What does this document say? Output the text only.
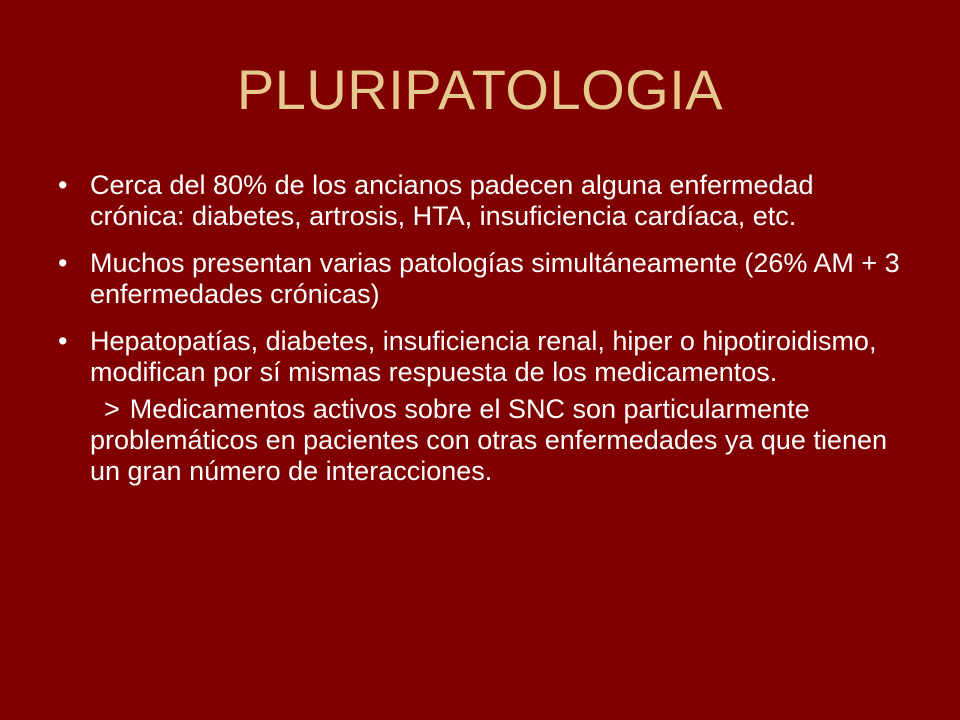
PLURIPATOLOGIA
• Cerca del 80% de los ancianos padecen alguna enfermedad crónica: diabetes, artrosis, HTA, insuficiencia cardíaca, etc.
• Muchos presentan varias patologías simultáneamente (26% AM + 3 enfermedades crónicas)
• Hepatopatías, diabetes, insuficiencia renal, hiper o hipotiroidismo, modifican por sí mismas respuesta de los medicamentos.
> Medicamentos activos sobre el SNC son particularmente problemáticos en pacientes con otras enfermedades ya que tienen un gran número de interacciones.
